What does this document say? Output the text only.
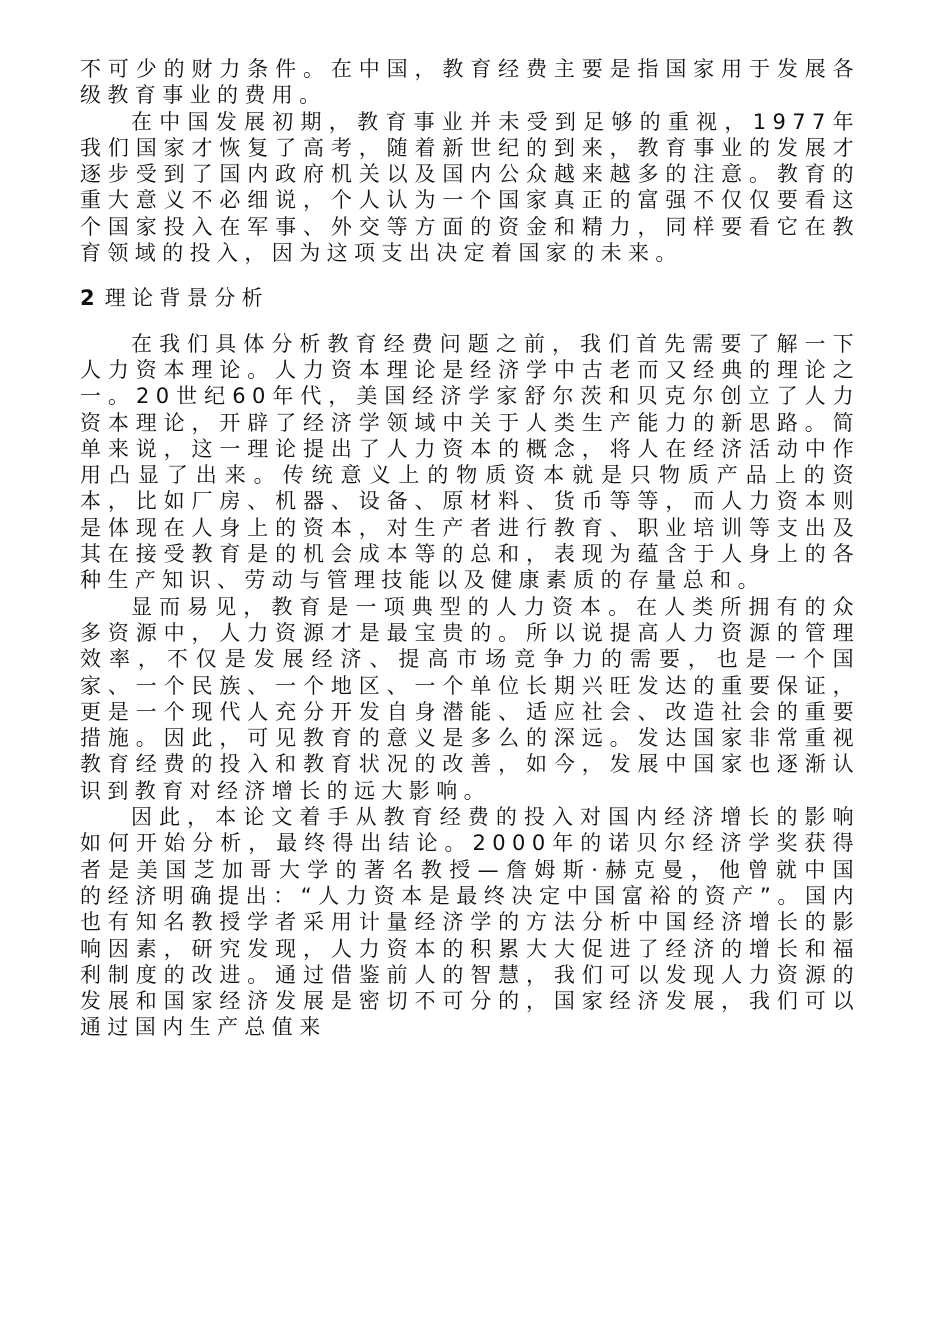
不可少的财力条件。在中国，教育经费主要是指国家用于发展各级教育事业的费用。

在中国发展初期，教育事业并未受到足够的重视，1977年我们国家才恢复了高考，随着新世纪的到来，教育事业的发展才逐步受到了国内政府机关以及国内公众越来越多的注意。教育的重大意义不必细说，个人认为一个国家真正的富强不仅仅要看这个国家投入在军事、外交等方面的资金和精力，同样要看它在教育领域的投入，因为这项支出决定着国家的未来。

2 理论背景分析

在我们具体分析教育经费问题之前，我们首先需要了解一下人力资本理论。人力资本理论是经济学中古老而又经典的理论之一。20世纪60年代，美国经济学家舒尔茨和贝克尔创立了人力资本理论，开辟了经济学领域中关于人类生产能力的新思路。简单来说，这一理论提出了人力资本的概念，将人在经济活动中作用凸显了出来。传统意义上的物质资本就是只物质产品上的资本，比如厂房、机器、设备、原材料、货币等等，而人力资本则是体现在人身上的资本，对生产者进行教育、职业培训等支出及其在接受教育是的机会成本等的总和，表现为蕴含于人身上的各种生产知识、劳动与管理技能以及健康素质的存量总和。

显而易见，教育是一项典型的人力资本。在人类所拥有的众多资源中，人力资源才是最宝贵的。所以说提高人力资源的管理效率，不仅是发展经济、提高市场竞争力的需要，也是一个国家、一个民族、一个地区、一个单位长期兴旺发达的重要保证，更是一个现代人充分开发自身潜能、适应社会、改造社会的重要措施。因此，可见教育的意义是多么的深远。发达国家非常重视教育经费的投入和教育状况的改善，如今，发展中国家也逐渐认识到教育对经济增长的远大影响。

因此，本论文着手从教育经费的投入对国内经济增长的影响如何开始分析，最终得出结论。2000年的诺贝尔经济学奖获得者是美国芝加哥大学的著名教授—詹姆斯·赫克曼，他曾就中国的经济明确提出：“人力资本是最终决定中国富裕的资产”。国内也有知名教授学者采用计量经济学的方法分析中国经济增长的影响因素，研究发现，人力资本的积累大大促进了经济的增长和福利制度的改进。通过借鉴前人的智慧，我们可以发现人力资源的发展和国家经济发展是密切不可分的，国家经济发展，我们可以通过国内生产总值来
